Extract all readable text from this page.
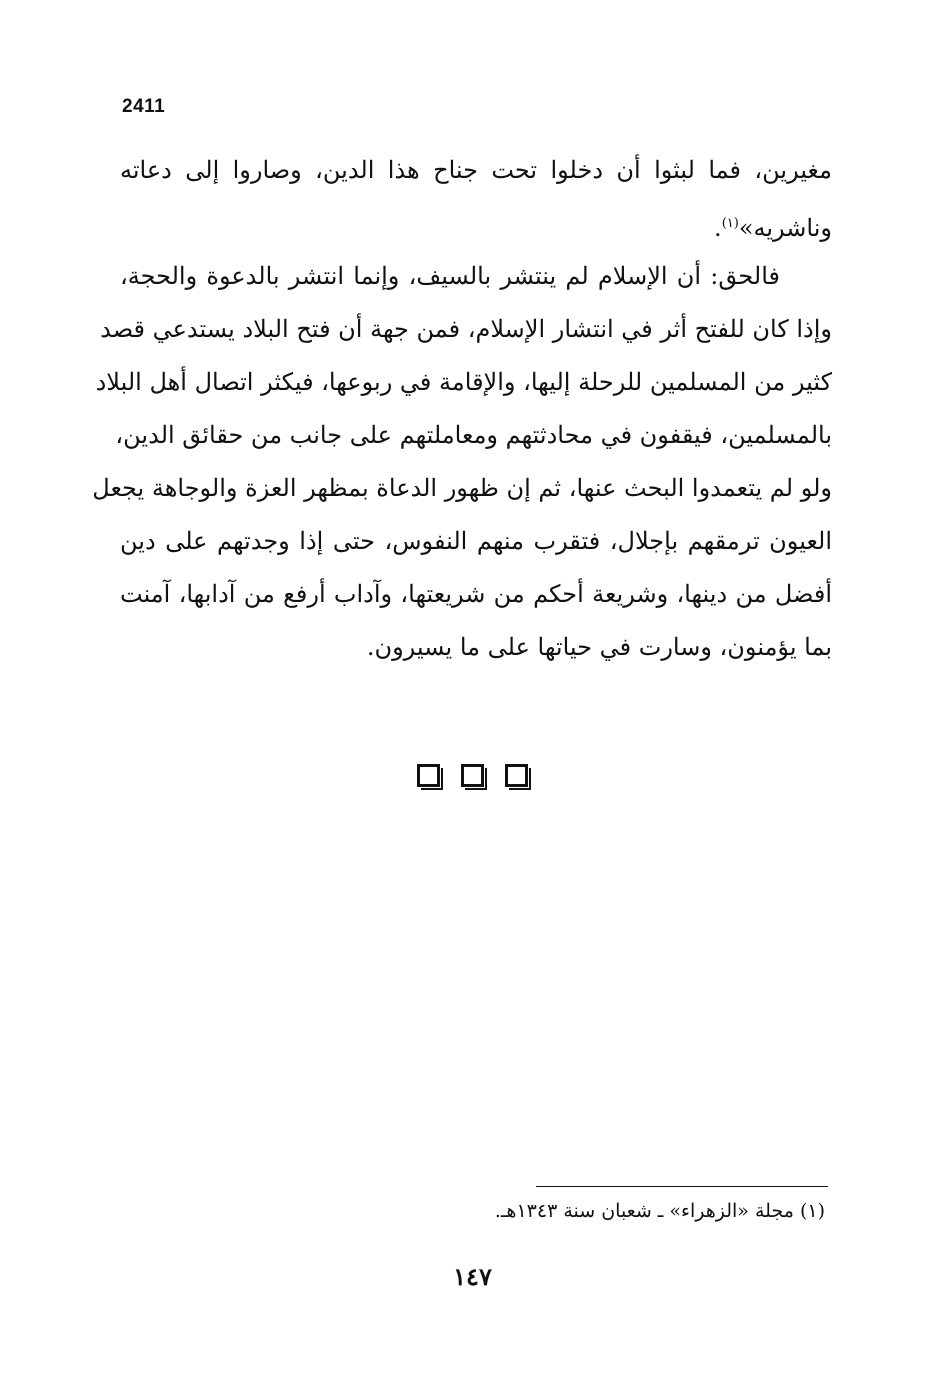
2411
مغيرين، فما لبثوا أن دخلوا تحت جناح هذا الدين، وصاروا إلى دعاته
وناشريه»$^{(١)}$.
فالحق: أن الإسلام لم ينتشر بالسيف، وإنما انتشر بالدعوة والحجة،
وإذا كان للفتح أثر في انتشار الإسلام، فمن جهة أن فتح البلاد يستدعي قصد
كثير من المسلمين للرحلة إليها، والإقامة في ربوعها، فيكثر اتصال أهل البلاد
بالمسلمين، فيقفون في محادثتهم ومعاملتهم على جانب من حقائق الدين،
ولو لم يتعمدوا البحث عنها، ثم إن ظهور الدعاة بمظهر العزة والوجاهة يجعل
العيون ترمقهم بإجلال، فتقرب منهم النفوس، حتى إذا وجدتهم على دين
أفضل من دينها، وشريعة أحكم من شريعتها، وآداب أرفع من آدابها، آمنت
بما يؤمنون، وسارت في حياتها على ما يسيرون.

(١) مجلة «الزهراء» ـ شعبان سنة ١٣٤٣هـ.
١٤٧
